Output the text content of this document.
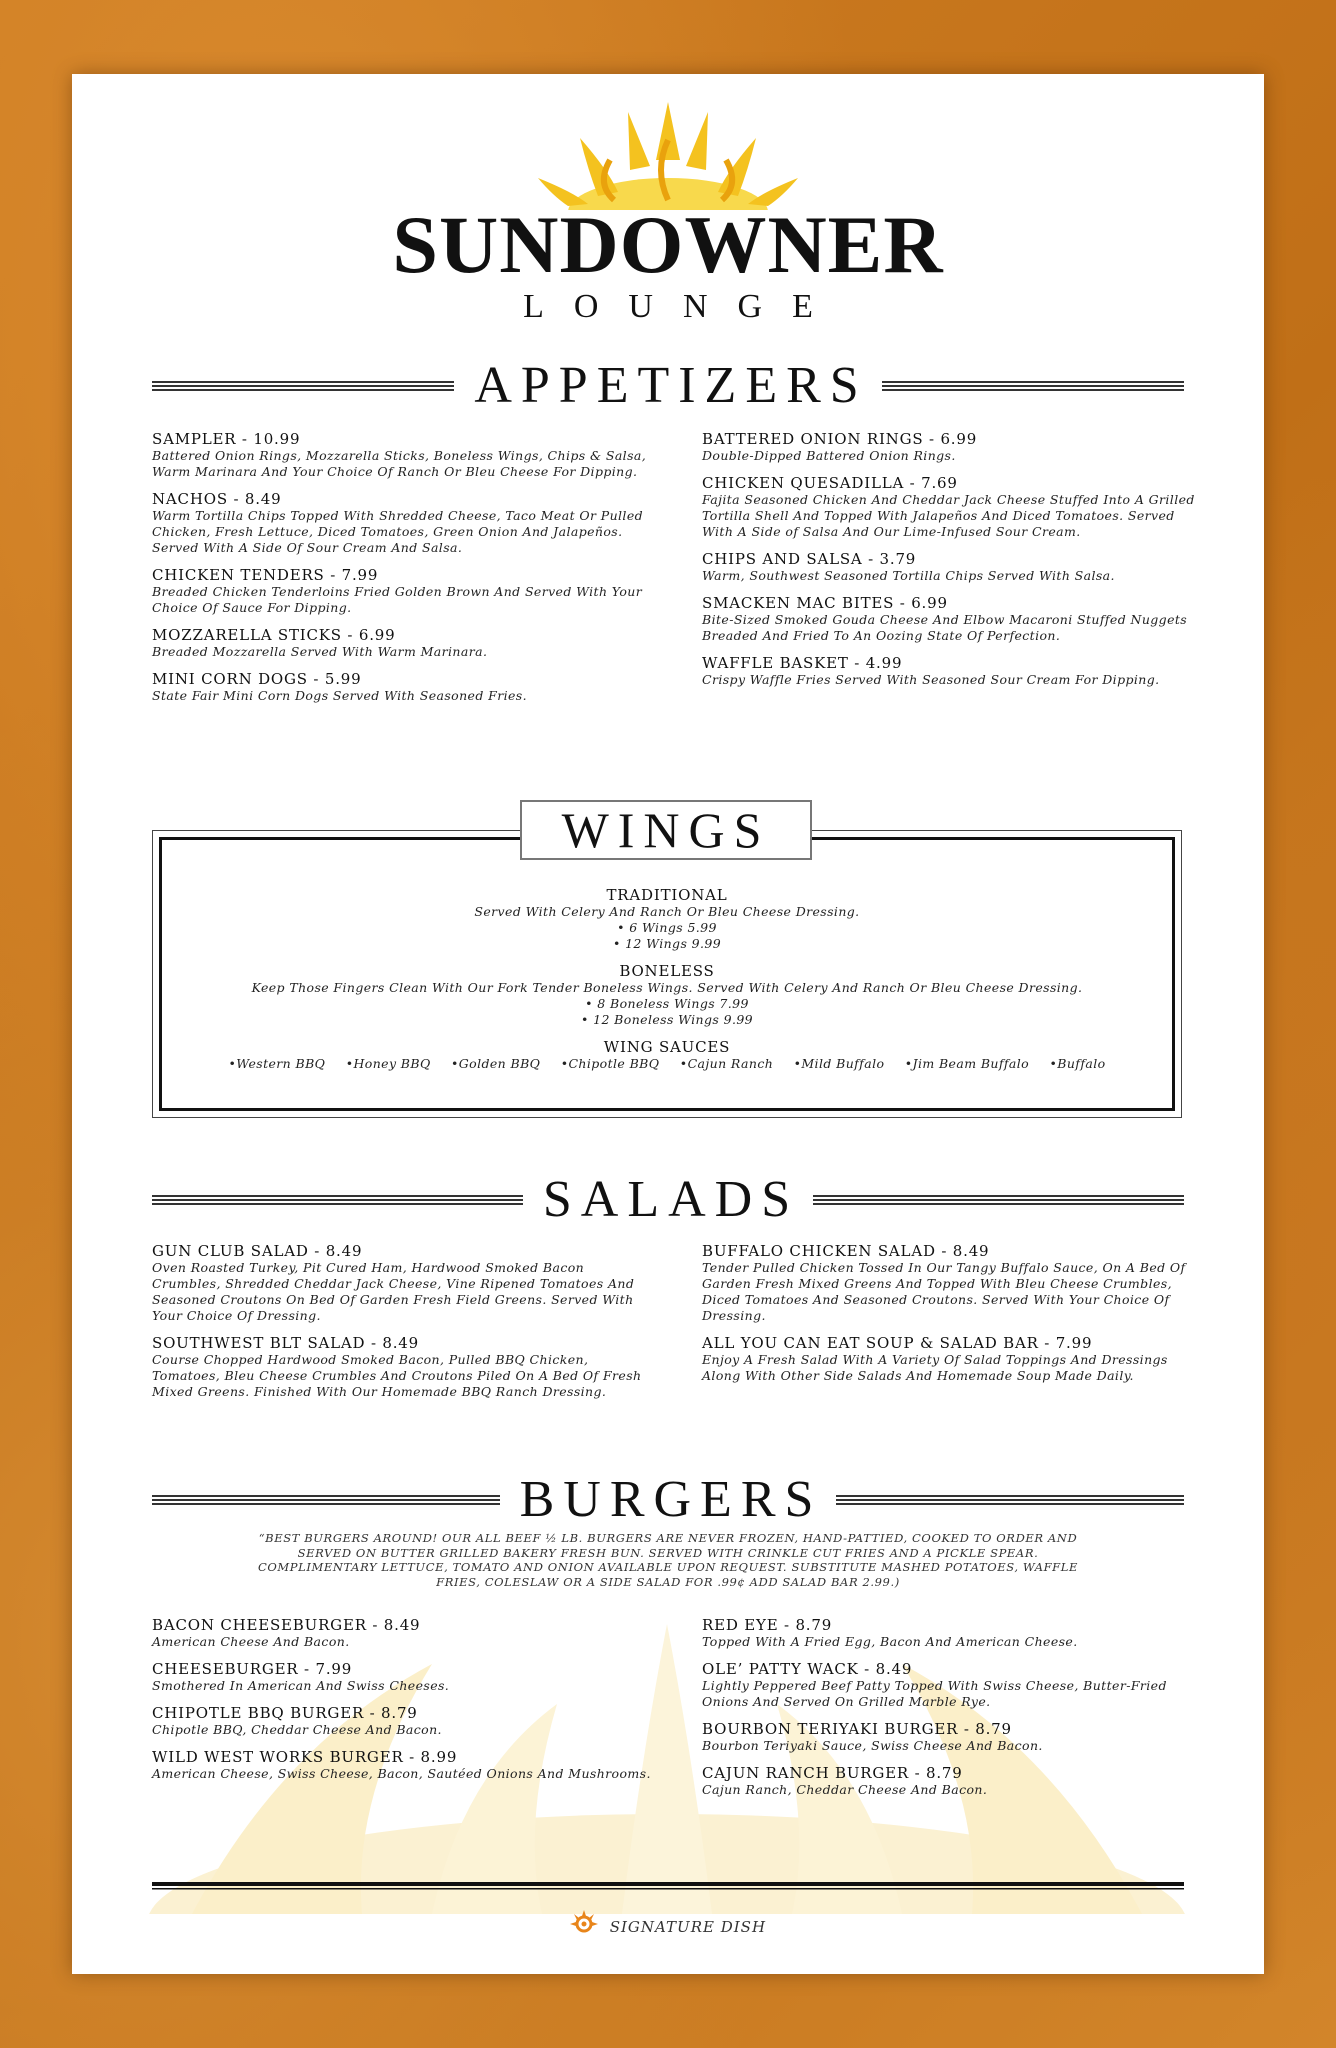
SUNDOWNER
LOUNGE
APPETIZERS
SAMPLER - 10.99
Battered Onion Rings, Mozzarella Sticks, Boneless Wings, Chips & Salsa, Warm Marinara And Your Choice Of Ranch Or Bleu Cheese For Dipping.
NACHOS - 8.49
Warm Tortilla Chips Topped With Shredded Cheese, Taco Meat Or Pulled Chicken, Fresh Lettuce, Diced Tomatoes, Green Onion And Jalapeños. Served With A Side Of Sour Cream And Salsa.
CHICKEN TENDERS - 7.99
Breaded Chicken Tenderloins Fried Golden Brown And Served With Your Choice Of Sauce For Dipping.
MOZZARELLA STICKS - 6.99
Breaded Mozzarella Served With Warm Marinara.
MINI CORN DOGS - 5.99
State Fair Mini Corn Dogs Served With Seasoned Fries.
BATTERED ONION RINGS - 6.99
Double-Dipped Battered Onion Rings.
CHICKEN QUESADILLA - 7.69
Fajita Seasoned Chicken And Cheddar Jack Cheese Stuffed Into A Grilled Tortilla Shell And Topped With Jalapeños And Diced Tomatoes. Served With A Side of Salsa And Our Lime-Infused Sour Cream.
CHIPS AND SALSA - 3.79
Warm, Southwest Seasoned Tortilla Chips Served With Salsa.
SMACKEN MAC BITES - 6.99
Bite-Sized Smoked Gouda Cheese And Elbow Macaroni Stuffed Nuggets Breaded And Fried To An Oozing State Of Perfection.
WAFFLE BASKET - 4.99
Crispy Waffle Fries Served With Seasoned Sour Cream For Dipping.
TRADITIONAL
Served With Celery And Ranch Or Bleu Cheese Dressing.
• 6 Wings 5.99
• 12 Wings 9.99
BONELESS
Keep Those Fingers Clean With Our Fork Tender Boneless Wings. Served With Celery And Ranch Or Bleu Cheese Dressing.
• 8 Boneless Wings 7.99
• 12 Boneless Wings 9.99
WING SAUCES
•Western BBQ •Honey BBQ •Golden BBQ •Chipotle BBQ •Cajun Ranch •Mild Buffalo •Jim Beam Buffalo •Buffalo
WINGS
SALADS
GUN CLUB SALAD - 8.49
Oven Roasted Turkey, Pit Cured Ham, Hardwood Smoked Bacon Crumbles, Shredded Cheddar Jack Cheese, Vine Ripened Tomatoes And Seasoned Croutons On Bed Of Garden Fresh Field Greens. Served With Your Choice Of Dressing.
SOUTHWEST BLT SALAD - 8.49
Course Chopped Hardwood Smoked Bacon, Pulled BBQ Chicken, Tomatoes, Bleu Cheese Crumbles And Croutons Piled On A Bed Of Fresh Mixed Greens. Finished With Our Homemade BBQ Ranch Dressing.
BUFFALO CHICKEN SALAD - 8.49
Tender Pulled Chicken Tossed In Our Tangy Buffalo Sauce, On A Bed Of Garden Fresh Mixed Greens And Topped With Bleu Cheese Crumbles, Diced Tomatoes And Seasoned Croutons. Served With Your Choice Of Dressing.
ALL YOU CAN EAT SOUP & SALAD BAR - 7.99
Enjoy A Fresh Salad With A Variety Of Salad Toppings And Dressings Along With Other Side Salads And Homemade Soup Made Daily.
BURGERS
“BEST BURGERS AROUND! OUR ALL BEEF ½ LB. BURGERS ARE NEVER FROZEN, HAND-PATTIED, COOKED TO ORDER AND SERVED ON BUTTER GRILLED BAKERY FRESH BUN. SERVED WITH CRINKLE CUT FRIES AND A PICKLE SPEAR. COMPLIMENTARY LETTUCE, TOMATO AND ONION AVAILABLE UPON REQUEST. SUBSTITUTE MASHED POTATOES, WAFFLE FRIES, COLESLAW OR A SIDE SALAD FOR .99¢ ADD SALAD BAR 2.99.)
BACON CHEESEBURGER - 8.49
American Cheese And Bacon.
CHEESEBURGER - 7.99
Smothered In American And Swiss Cheeses.
CHIPOTLE BBQ BURGER - 8.79
Chipotle BBQ, Cheddar Cheese And Bacon.
WILD WEST WORKS BURGER - 8.99
American Cheese, Swiss Cheese, Bacon, Sautéed Onions And Mushrooms.
RED EYE - 8.79
Topped With A Fried Egg, Bacon And American Cheese.
OLE’ PATTY WACK - 8.49
Lightly Peppered Beef Patty Topped With Swiss Cheese, Butter-Fried Onions And Served On Grilled Marble Rye.
BOURBON TERIYAKI BURGER - 8.79
Bourbon Teriyaki Sauce, Swiss Cheese And Bacon.
CAJUN RANCH BURGER - 8.79
Cajun Ranch, Cheddar Cheese And Bacon.
SIGNATURE DISH
